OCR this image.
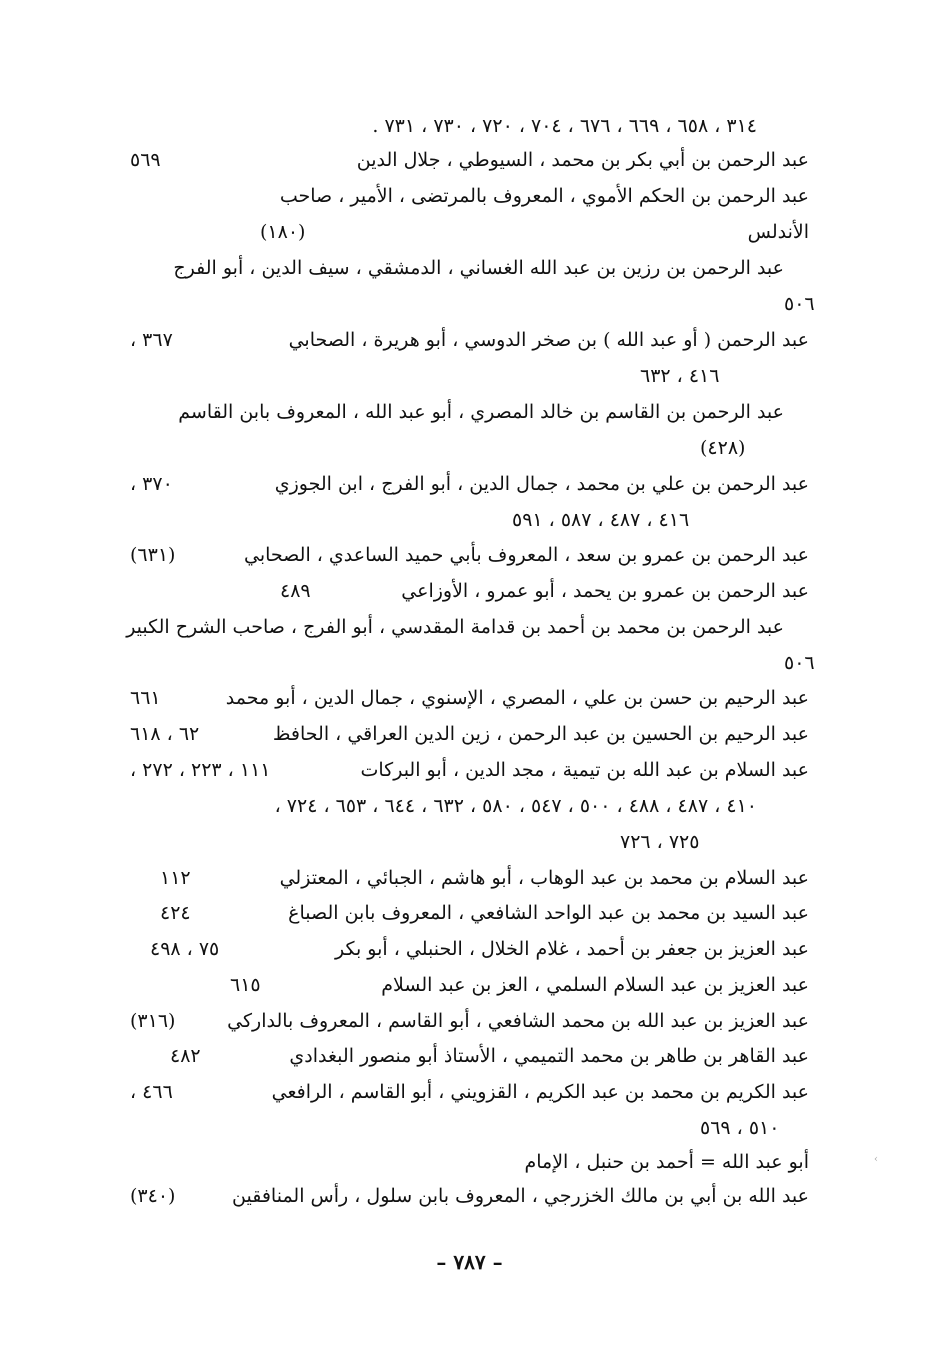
٣١٤ ، ٦٥٨ ، ٦٦٩ ، ٦٧٦ ، ٧٠٤ ، ٧٢٠ ، ٧٣٠ ، ٧٣١ .
عبد الرحمن بن أبي بكر بن محمد ، السيوطي ، جلال الدين
٥٦٩
عبد الرحمن بن الحكم الأموي ، المعروف بالمرتضى ، الأمير ، صاحب
الأندلس
(١٨٠)
عبد الرحمن بن رزين بن عبد الله الغساني ، الدمشقي ، سيف الدين ، أبو الفرج
٥٠٦
عبد الرحمن ( أو عبد الله ) بن صخر الدوسي ، أبو هريرة ، الصحابي
٣٦٧ ،
٤١٦ ، ٦٣٢
عبد الرحمن بن القاسم بن خالد المصري ، أبو عبد الله ، المعروف بابن القاسم
(٤٢٨)
عبد الرحمن بن علي بن محمد ، جمال الدين ، أبو الفرج ، ابن الجوزي
٣٧٠ ،
٤١٦ ، ٤٨٧ ، ٥٨٧ ، ٥٩١
عبد الرحمن بن عمرو بن سعد ، المعروف بأبي حميد الساعدي ، الصحابي
(٦٣١)
عبد الرحمن بن عمرو بن يحمد ، أبو عمرو ، الأوزاعي
٤٨٩
عبد الرحمن بن محمد بن أحمد بن قدامة المقدسي ، أبو الفرج ، صاحب الشرح الكبير
٥٠٦
عبد الرحيم بن حسن بن علي ، المصري ، الإسنوي ، جمال الدين ، أبو محمد
٦٦١
عبد الرحيم بن الحسين بن عبد الرحمن ، زين الدين العراقي ، الحافظ
٦٢ ، ٦١٨
عبد السلام بن عبد الله بن تيمية ، مجد الدين ، أبو البركات
١١١ ، ٢٢٣ ، ٢٧٢ ،
٤١٠ ، ٤٨٧ ، ٤٨٨ ، ٥٠٠ ، ٥٤٧ ، ٥٨٠ ، ٦٣٢ ، ٦٤٤ ، ٦٥٣ ، ٧٢٤ ،
٧٢٥ ، ٧٢٦
عبد السلام بن محمد بن عبد الوهاب ، أبو هاشم ، الجبائي ، المعتزلي
١١٢
عبد السيد بن محمد بن عبد الواحد الشافعي ، المعروف بابن الصباغ
٤٢٤
عبد العزيز بن جعفر بن أحمد ، غلام الخلال ، الحنبلي ، أبو بكر
٧٥ ، ٤٩٨
عبد العزيز بن عبد السلام السلمي ، العز بن عبد السلام
٦١٥
عبد العزيز بن عبد الله بن محمد الشافعي ، أبو القاسم ، المعروف بالداركي
(٣١٦)
عبد القاهر بن طاهر بن محمد التميمي ، الأستاذ أبو منصور البغدادي
٤٨٢
عبد الكريم بن محمد بن عبد الكريم ، القزويني ، أبو القاسم ، الرافعي
٤٦٦ ،
٥١٠ ، ٥٦٩
أبو عبد الله = أحمد بن حنبل ، الإمام
عبد الله بن أبي بن مالك الخزرجي ، المعروف بابن سلول ، رأس المنافقين
(٣٤٠)
– ٧٨٧ –
‹
